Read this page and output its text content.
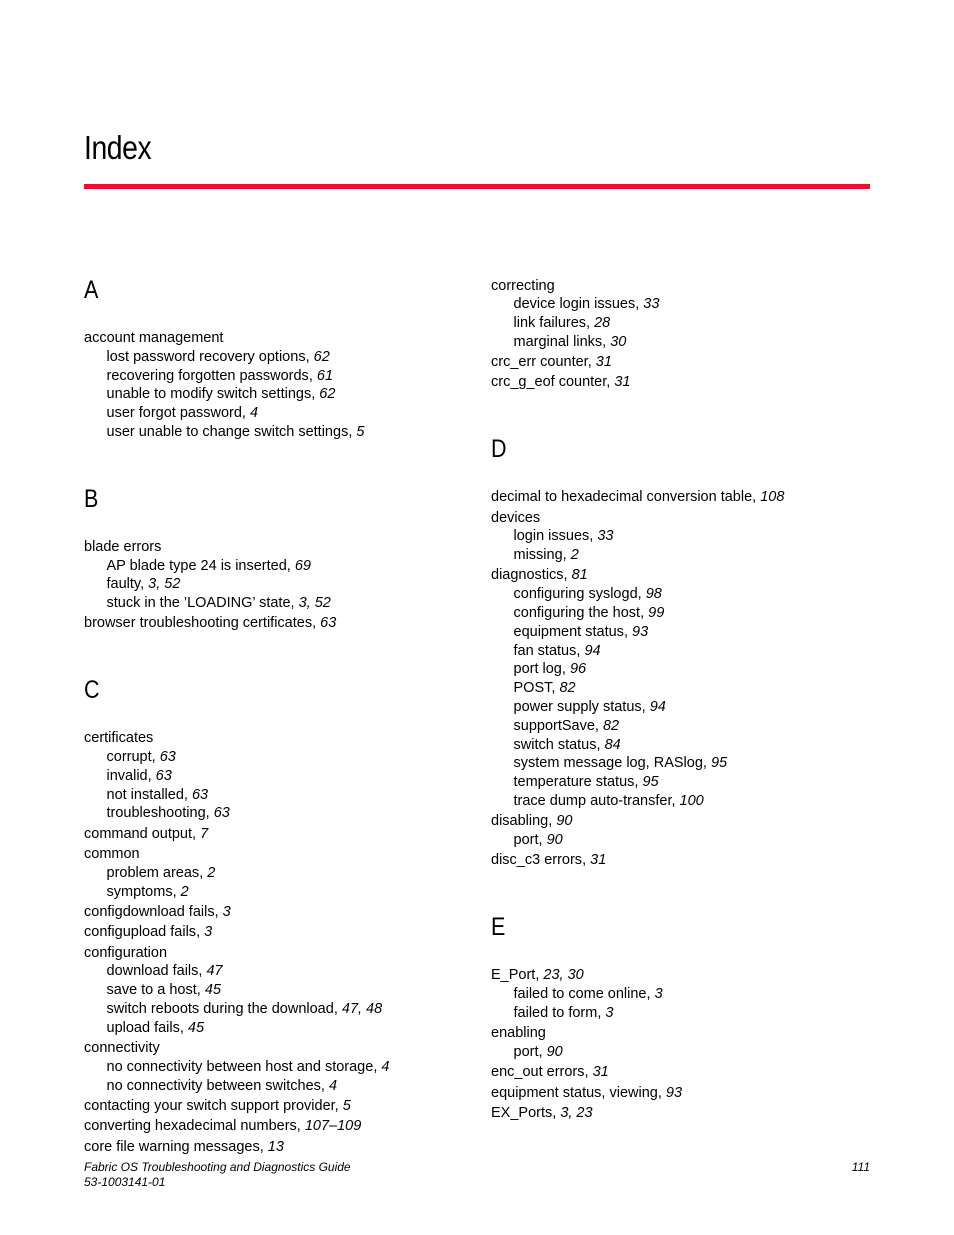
Index
A
account management
lost password recovery options, 62
recovering forgotten passwords, 61
unable to modify switch settings, 62
user forgot password, 4
user unable to change switch settings, 5
B
blade errors
AP blade type 24 is inserted, 69
faulty, 3, 52
stuck in the ’LOADING’ state, 3, 52
browser troubleshooting certificates, 63
C
certificates
corrupt, 63
invalid, 63
not installed, 63
troubleshooting, 63
command output, 7
common
problem areas, 2
symptoms, 2
configdownload fails, 3
configupload fails, 3
configuration
download fails, 47
save to a host, 45
switch reboots during the download, 47, 48
upload fails, 45
connectivity
no connectivity between host and storage, 4
no connectivity between switches, 4
contacting your switch support provider, 5
converting hexadecimal numbers, 107–109
core file warning messages, 13
correcting
device login issues, 33
link failures, 28
marginal links, 30
crc_err counter, 31
crc_g_eof counter, 31
D
decimal to hexadecimal conversion table, 108
devices
login issues, 33
missing, 2
diagnostics, 81
configuring syslogd, 98
configuring the host, 99
equipment status, 93
fan status, 94
port log, 96
POST, 82
power supply status, 94
supportSave, 82
switch status, 84
system message log, RASlog, 95
temperature status, 95
trace dump auto-transfer, 100
disabling, 90
port, 90
disc_c3 errors, 31
E
E_Port, 23, 30
failed to come online, 3
failed to form, 3
enabling
port, 90
enc_out errors, 31
equipment status, viewing, 93
EX_Ports, 3, 23
Fabric OS Troubleshooting and Diagnostics Guide
53-1003141-01
111
